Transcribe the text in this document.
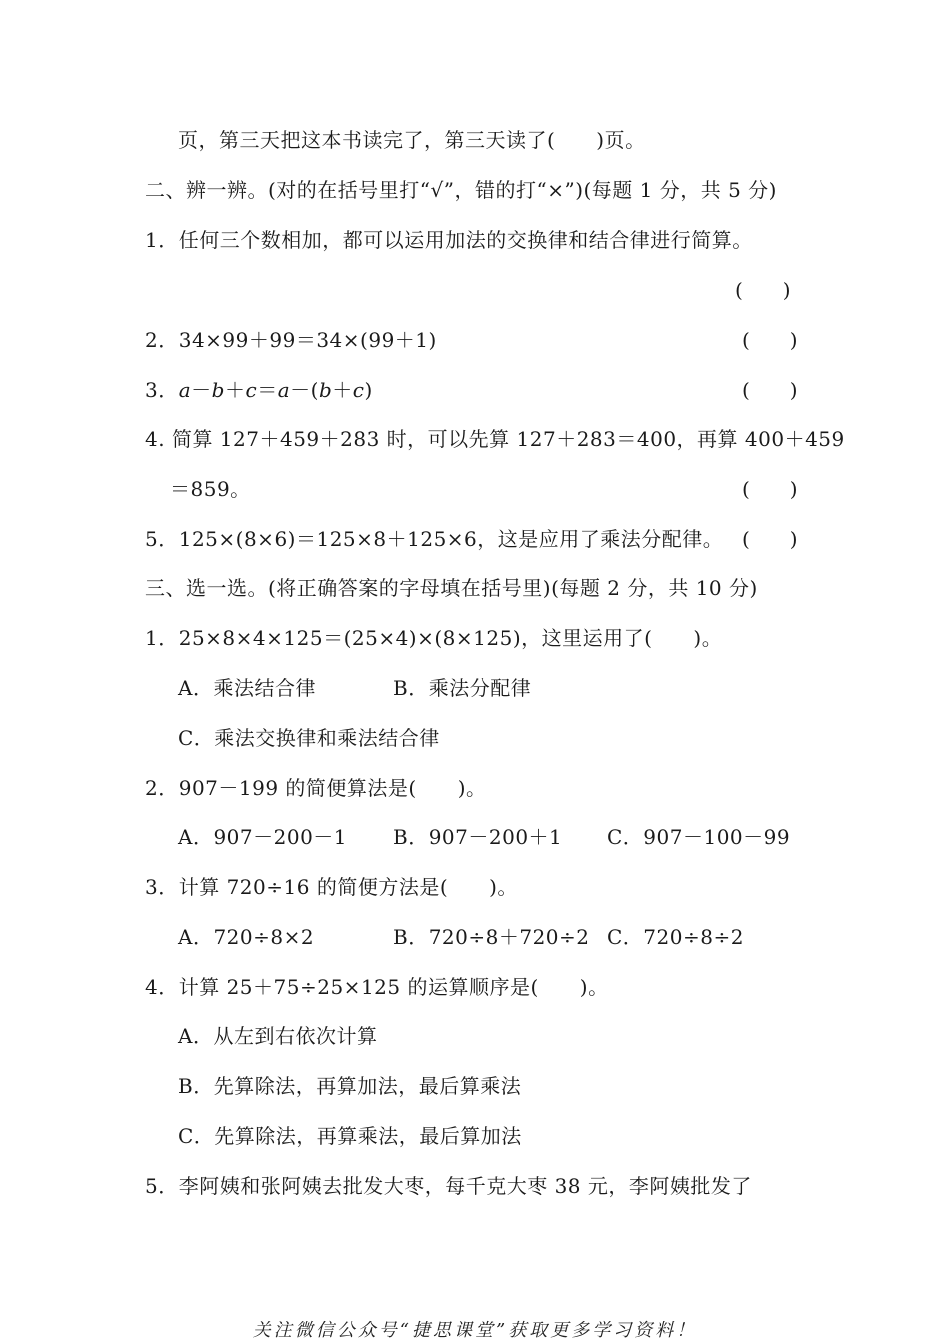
页，第三天把这本书读完了，第三天读了(　　)页。
二、辨一辨。(对的在括号里打“√”，错的打“×”)(每题 1 分，共 5 分)
1．任何三个数相加，都可以运用加法的交换律和结合律进行简算。
(　　)
2．34×99＋99＝34×(99＋1)	(　　)
3．a－b＋c＝a－(b＋c)	(　　)
4. 简算 127＋459＋283 时，可以先算 127＋283＝400，再算 400＋459
＝859。	(　　)
5．125×(8×6)＝125×8＋125×6，这是应用了乘法分配律。 (　　)
三、选一选。(将正确答案的字母填在括号里)(每题 2 分，共 10 分)
1．25×8×4×125＝(25×4)×(8×125)，这里运用了(　　)。
A．乘法结合律	B．乘法分配律
C．乘法交换律和乘法结合律
2．907－199 的简便算法是(　　)。
A．907－200－1 B．907－200＋1 C．907－100－99
3．计算 720÷16 的简便方法是(　　)。
A．720÷8×2	B．720÷8＋720÷2 C．720÷8÷2
4．计算 25＋75÷25×125 的运算顺序是(　　)。
A．从左到右依次计算
B．先算除法，再算加法，最后算乘法
C．先算除法，再算乘法，最后算加法
5．李阿姨和张阿姨去批发大枣，每千克大枣 38 元，李阿姨批发了
关注微信公众号“捷思课堂”获取更多学习资料！
